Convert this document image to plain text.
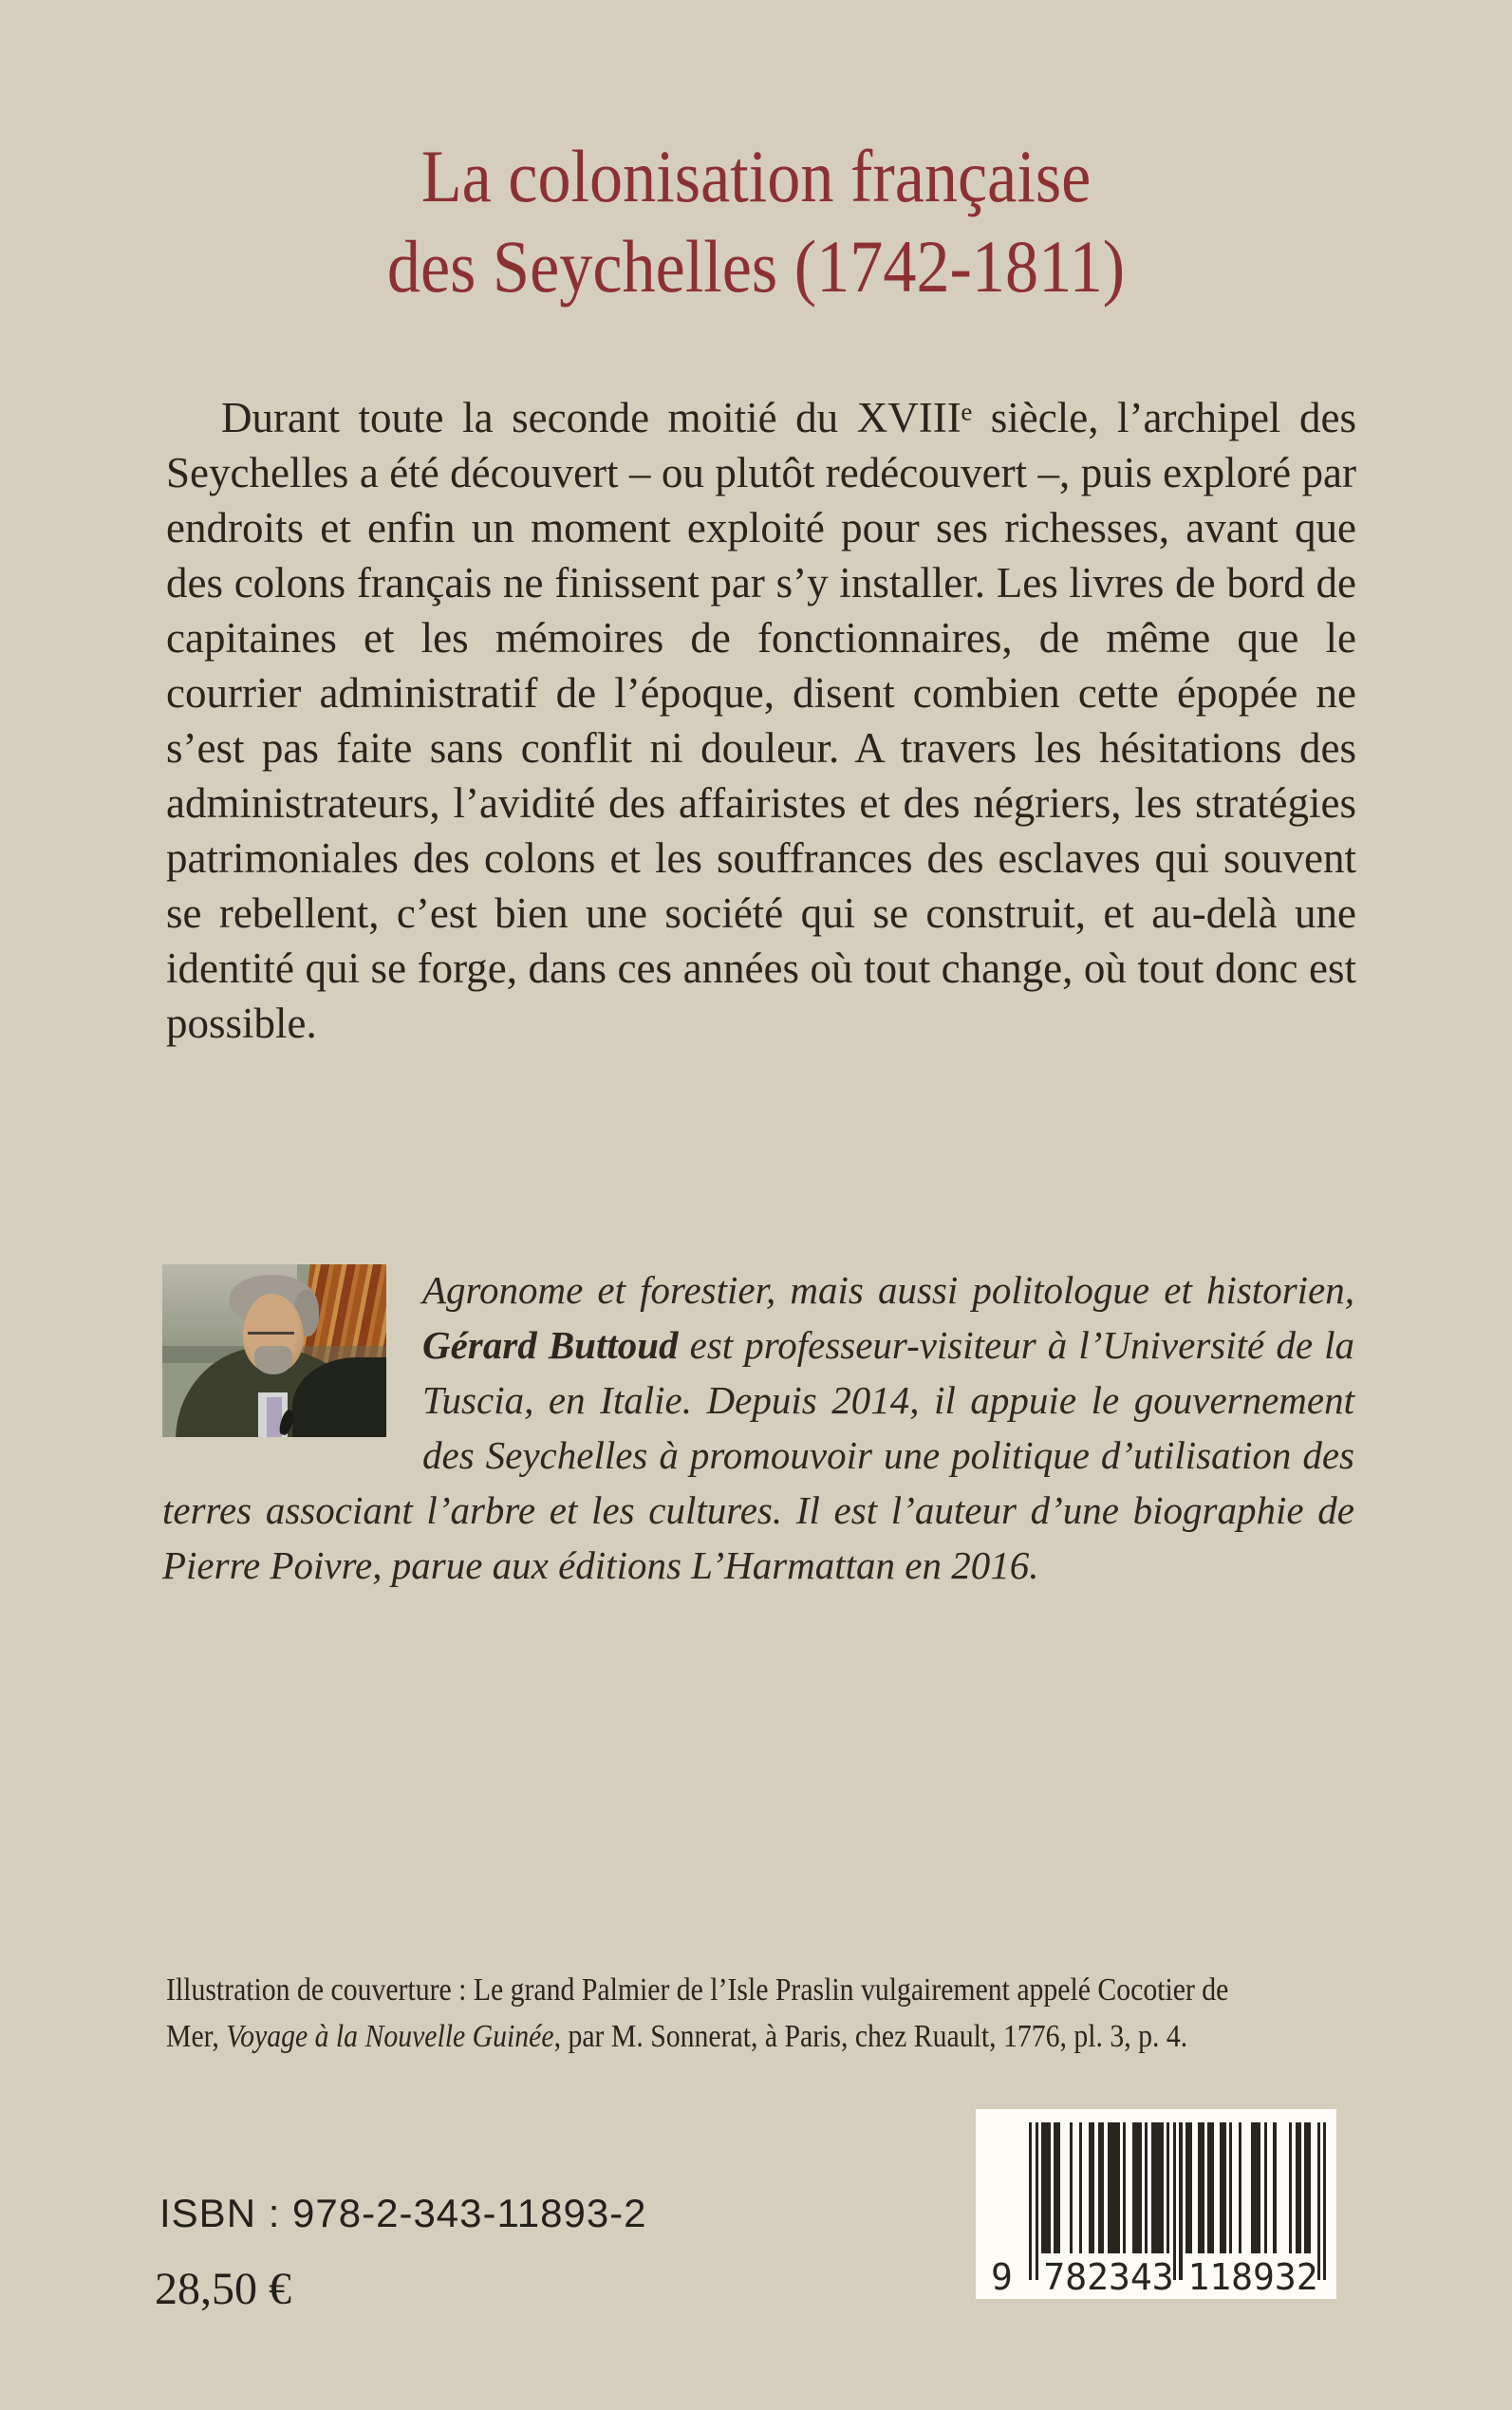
La colonisation française
des Seychelles (1742-1811)

Durant toute la seconde moitié du XVIIIᵉ siècle, l’archipel des Seychelles a été découvert – ou plutôt redécouvert –, puis exploré par endroits et enfin un moment exploité pour ses richesses, avant que des colons français ne finissent par s’y installer. Les livres de bord de capitaines et les mémoires de fonctionnaires, de même que le courrier administratif de l’époque, disent combien cette épopée ne s’est pas faite sans conflit ni douleur. A travers les hésitations des administrateurs, l’avidité des affairistes et des négriers, les stratégies patrimoniales des colons et les souffrances des esclaves qui souvent se rebellent, c’est bien une société qui se construit, et au-delà une identité qui se forge, dans ces années où tout change, où tout donc est possible.

Agronome et forestier, mais aussi politologue et historien, Gérard Buttoud est professeur-visiteur à l’Université de la Tuscia, en Italie. Depuis 2014, il appuie le gouvernement des Seychelles à promouvoir une politique d’utilisation des terres associant l’arbre et les cultures. Il est l’auteur d’une biographie de Pierre Poivre, parue aux éditions L’Harmattan en 2016.
Illustration de couverture : Le grand Palmier de l’Isle Praslin vulgairement appelé Cocotier de
Mer, Voyage à la Nouvelle Guinée, par M. Sonnerat, à Paris, chez Ruault, 1776, pl. 3, p. 4.
ISBN : 978-2-343-11893-2
28,50 €	9 782343 118932
